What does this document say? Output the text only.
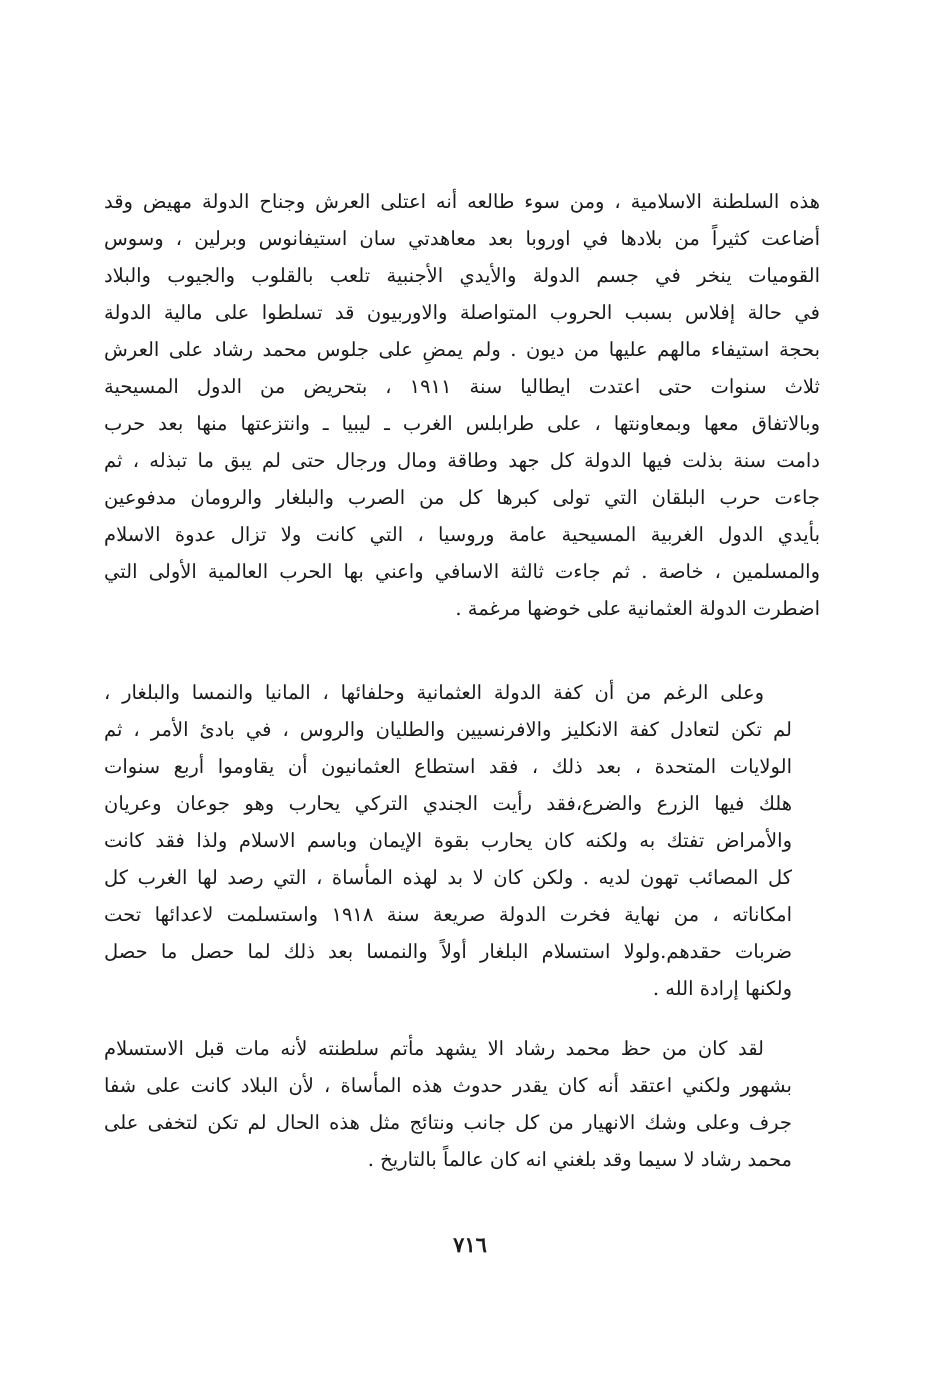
هذه السلطنة الاسلامية ، ومن سوء طالعه أنه اعتلى العرش وجناح الدولة مهيض وقد
أضاعت كثيراً من بلادها في اوروبا بعد معاهدتي سان استيفانوس وبرلين ، وسوس
القوميات ينخر في جسم الدولة والأيدي الأجنبية تلعب بالقلوب والجيوب والبلاد
في حالة إفلاس بسبب الحروب المتواصلة والاوربيون قد تسلطوا على مالية الدولة
بحجة استيفاء مالهم عليها من ديون . ولم يمضِ على جلوس محمد رشاد على العرش
ثلاث سنوات حتى اعتدت ايطاليا سنة ١٩١١ ، بتحريض من الدول المسيحية
وبالاتفاق معها وبمعاونتها ، على طرابلس الغرب ـ ليبيا ـ وانتزعتها منها بعد حرب
دامت سنة بذلت فيها الدولة كل جهد وطاقة ومال ورجال حتى لم يبق ما تبذله ، ثم
جاءت حرب البلقان التي تولى كبرها كل من الصرب والبلغار والرومان مدفوعين
بأيدي الدول الغربية المسيحية عامة وروسيا ، التي كانت ولا تزال عدوة الاسلام
والمسلمين ، خاصة . ثم جاءت ثالثة الاسافي واعني بها الحرب العالمية الأولى التي
اضطرت الدولة العثمانية على خوضها مرغمة .
وعلى الرغم من أن كفة الدولة العثمانية وحلفائها ، المانيا والنمسا والبلغار ،
لم تكن لتعادل كفة الانكليز والافرنسيين والطليان والروس ، في بادئ الأمر ، ثم
الولايات المتحدة ، بعد ذلك ، فقد استطاع العثمانيون أن يقاوموا أربع سنوات
هلك فيها الزرع والضرع،فقد رأيت الجندي التركي يحارب وهو جوعان وعريان
والأمراض تفتك به ولكنه كان يحارب بقوة الإيمان وباسم الاسلام ولذا فقد كانت
كل المصائب تهون لديه . ولكن كان لا بد لهذه المأساة ، التي رصد لها الغرب كل
امكاناته ، من نهاية فخرت الدولة صريعة سنة ١٩١٨ واستسلمت لاعدائها تحت
ضربات حقدهم.ولولا استسلام البلغار أولاً والنمسا بعد ذلك لما حصل ما حصل
ولكنها إرادة الله .
لقد كان من حظ محمد رشاد الا يشهد مأتم سلطنته لأنه مات قبل الاستسلام
بشهور ولكني اعتقد أنه كان يقدر حدوث هذه المأساة ، لأن البلاد كانت على شفا
جرف وعلى وشك الانهيار من كل جانب ونتائج مثل هذه الحال لم تكن لتخفى على
محمد رشاد لا سيما وقد بلغني انه كان عالماً بالتاريخ .
٧١٦
